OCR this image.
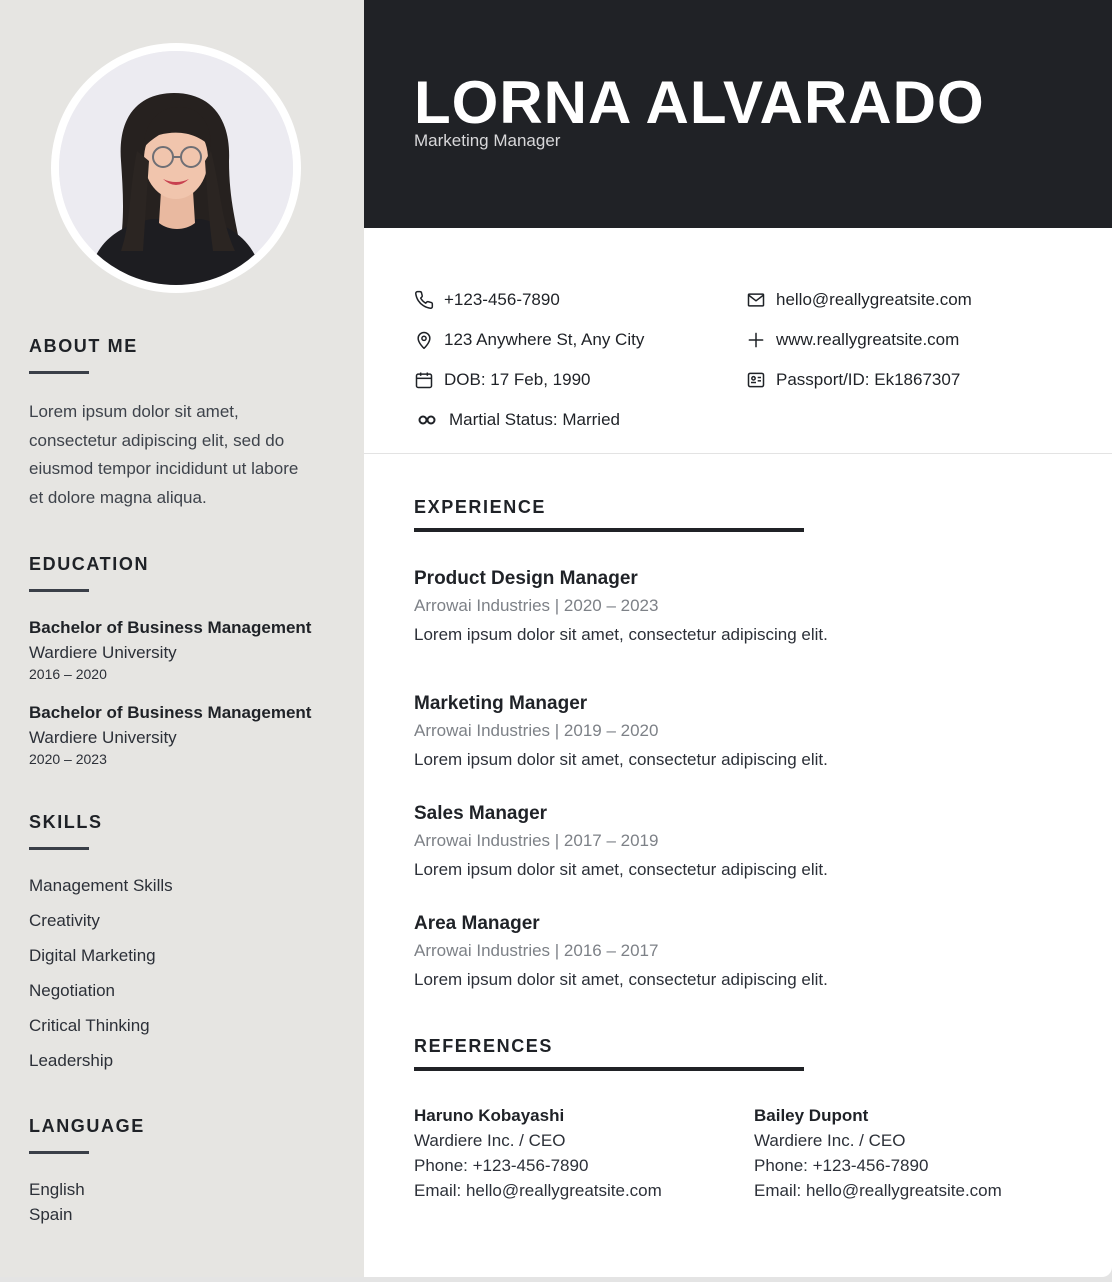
ABOUT ME
Lorem ipsum dolor sit amet,
consectetur adipiscing elit, sed do
eiusmod tempor incididunt ut labore
et dolore magna aliqua.
EDUCATION
Bachelor of Business Management
Wardiere University
2016 – 2020
Bachelor of Business Management
Wardiere University
2020 – 2023
SKILLS
Management Skills
Creativity
Digital Marketing
Negotiation
Critical Thinking
Leadership
LANGUAGE
English
Spain
LORNA ALVARADO
Marketing Manager
+123-456-7890	hello@reallygreatsite.com
123 Anywhere St, Any City	www.reallygreatsite.com
DOB: 17 Feb, 1990	Passport/ID: Ek1867307
Martial Status: Married
EXPERIENCE
Product Design Manager
Arrowai Industries | 2020 – 2023
Lorem ipsum dolor sit amet, consectetur adipiscing elit.
Marketing Manager
Arrowai Industries | 2019 – 2020
Lorem ipsum dolor sit amet, consectetur adipiscing elit.
Sales Manager
Arrowai Industries | 2017 – 2019
Lorem ipsum dolor sit amet, consectetur adipiscing elit.
Area Manager
Arrowai Industries | 2016 – 2017
Lorem ipsum dolor sit amet, consectetur adipiscing elit.
REFERENCES
Haruno Kobayashi
Wardiere Inc. / CEO
Phone: +123-456-7890
Email: hello@reallygreatsite.com
Bailey Dupont
Wardiere Inc. / CEO
Phone: +123-456-7890
Email: hello@reallygreatsite.com
